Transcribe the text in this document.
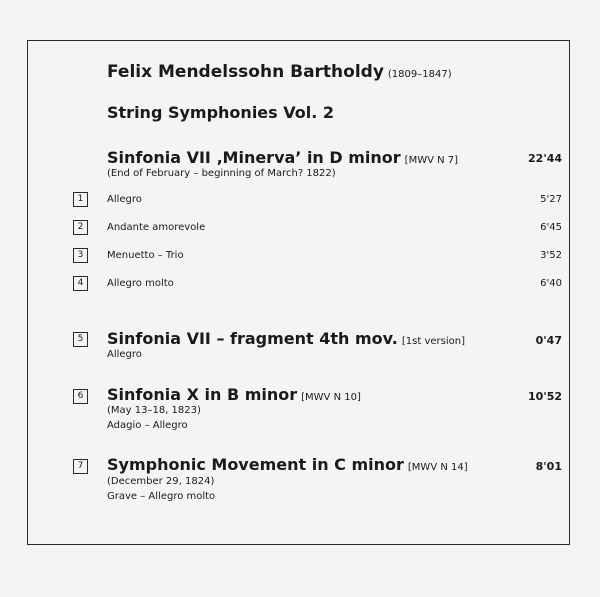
Felix Mendelssohn Bartholdy (1809–1847)
String Symphonies Vol. 2
Sinfonia VII ‚Minerva’ in D minor [MWV N 7]	22'44
(End of February – beginning of March? 1822)
1	Allegro	5'27
2	Andante amorevole	6'45
3	Menuetto – Trio	3'52
4	Allegro molto	6'40
5 Sinfonia VII – fragment 4th mov. [1st version]	0'47
Allegro
6 Sinfonia X in B minor [MWV N 10]	10'52
(May 13–18, 1823)
Adagio – Allegro
7 Symphonic Movement in C minor [MWV N 14]	8'01
(December 29, 1824)
Grave – Allegro molto
